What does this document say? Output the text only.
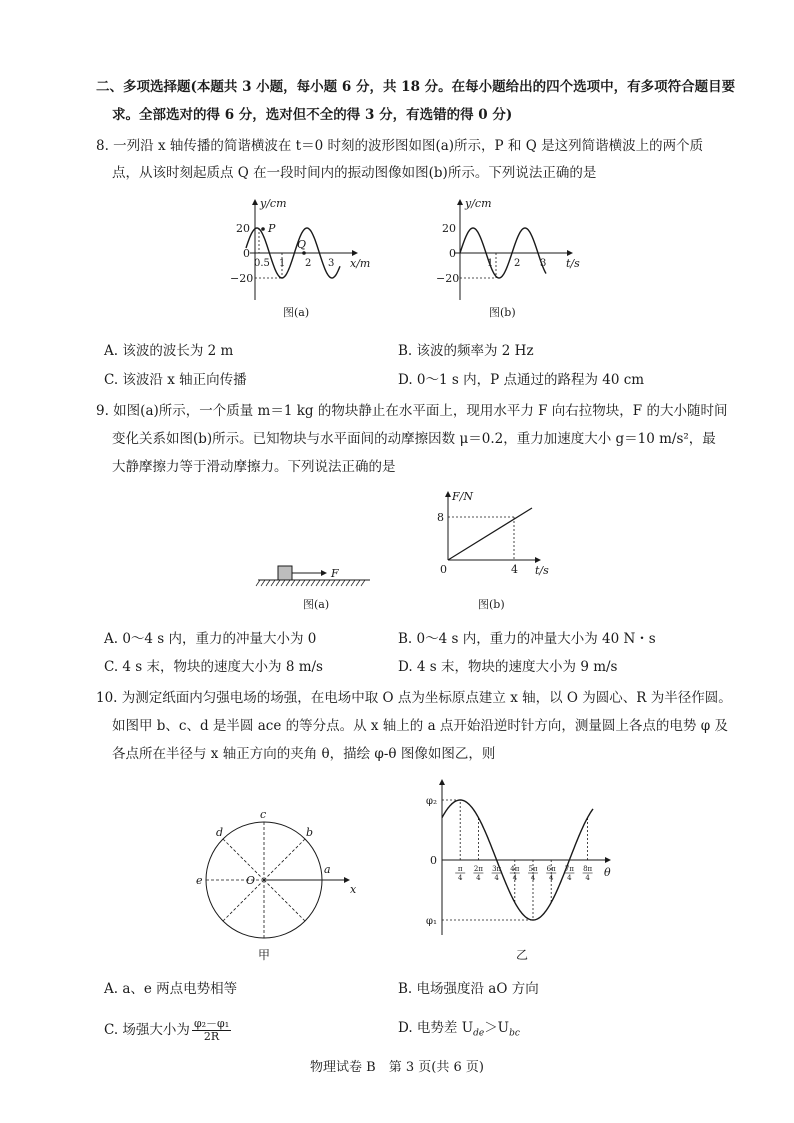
二、多项选择题(本题共 3 小题，每小题 6 分，共 18 分。在每小题给出的四个选项中，有多项符合题目要
求。全部选对的得 6 分，选对但不全的得 3 分，有选错的得 0 分)
8. 一列沿 x 轴传播的简谐横波在 t＝0 时刻的波形图如图(a)所示，P 和 Q 是这列简谐横波上的两个质
点，从该时刻起质点 Q 在一段时间内的振动图像如图(b)所示。下列说法正确的是
y/cm
x/m
20
0
−20
0.5 1 2 3
P
Q
图(a)
y/cm
t/s
20
0
−20
1 2 3
图(b)
A. 该波的波长为 2 m	B. 该波的频率为 2 Hz
C. 该波沿 x 轴正向传播	D. 0～1 s 内，P 点通过的路程为 40 cm
9. 如图(a)所示，一个质量 m＝1 kg 的物块静止在水平面上，现用水平力 F 向右拉物块，F 的大小随时间
变化关系如图(b)所示。已知物块与水平面间的动摩擦因数 μ＝0.2，重力加速度大小 g＝10 m/s²，最
大静摩擦力等于滑动摩擦力。下列说法正确的是
F
图(a)
F/N
t/s
8
4
0
图(b)
A. 0～4 s 内，重力的冲量大小为 0	B. 0～4 s 内，重力的冲量大小为 40 N・s
C. 4 s 末，物块的速度大小为 8 m/s	D. 4 s 末，物块的速度大小为 9 m/s
10. 为测定纸面内匀强电场的场强，在电场中取 O 点为坐标原点建立 x 轴，以 O 为圆心、R 为半径作圆。
如图甲 b、c、d 是半圆 ace 的等分点。从 x 轴上的 a 点开始沿逆时针方向，测量圆上各点的电势 φ 及
各点所在半径与 x 轴正方向的夹角 θ，描绘 φ-θ 图像如图乙，则
a
b
c
d
e	O
x
甲
π
4
2π
4
3π
4
4π
4
5π
4
6π
4
7π
4
8π
4
φ₂
0
φ₁
θ
乙
A. a、e 两点电势相等	B. 电场强度沿 aO 方向
C. 场强大小为 $\frac{\text{φ₂－φ₁}}{2R}$	D. 电势差 $U_{de}>U_{bc}$
物理试卷 B　第 3 页(共 6 页)
